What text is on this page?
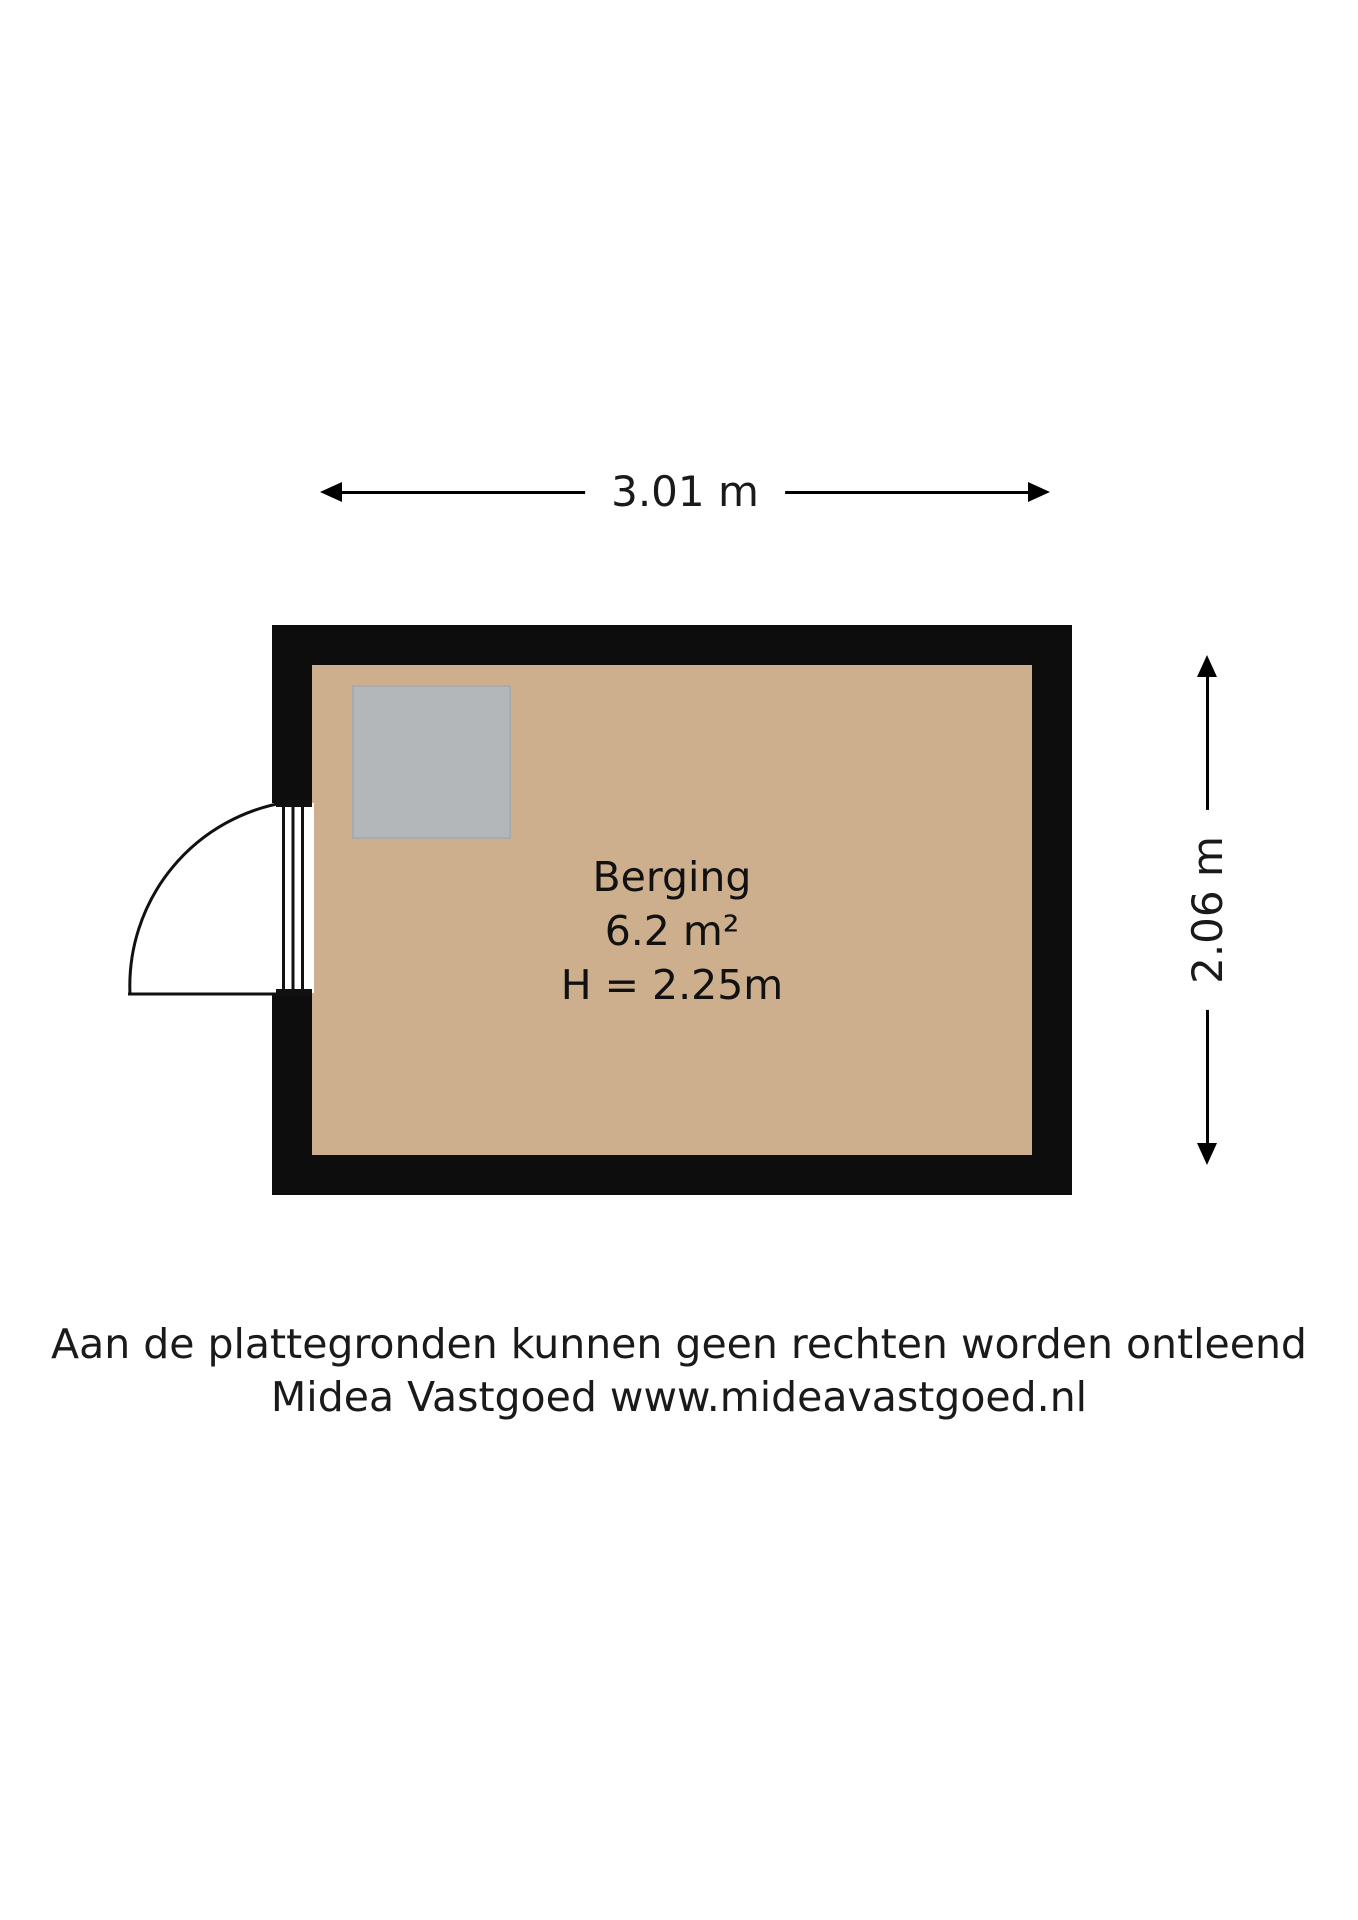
3.01 m
2.06 m
Berging
6.2 m²
H = 2.25m
Aan de plattegronden kunnen geen rechten worden ontleend
Midea Vastgoed www.mideavastgoed.nl
